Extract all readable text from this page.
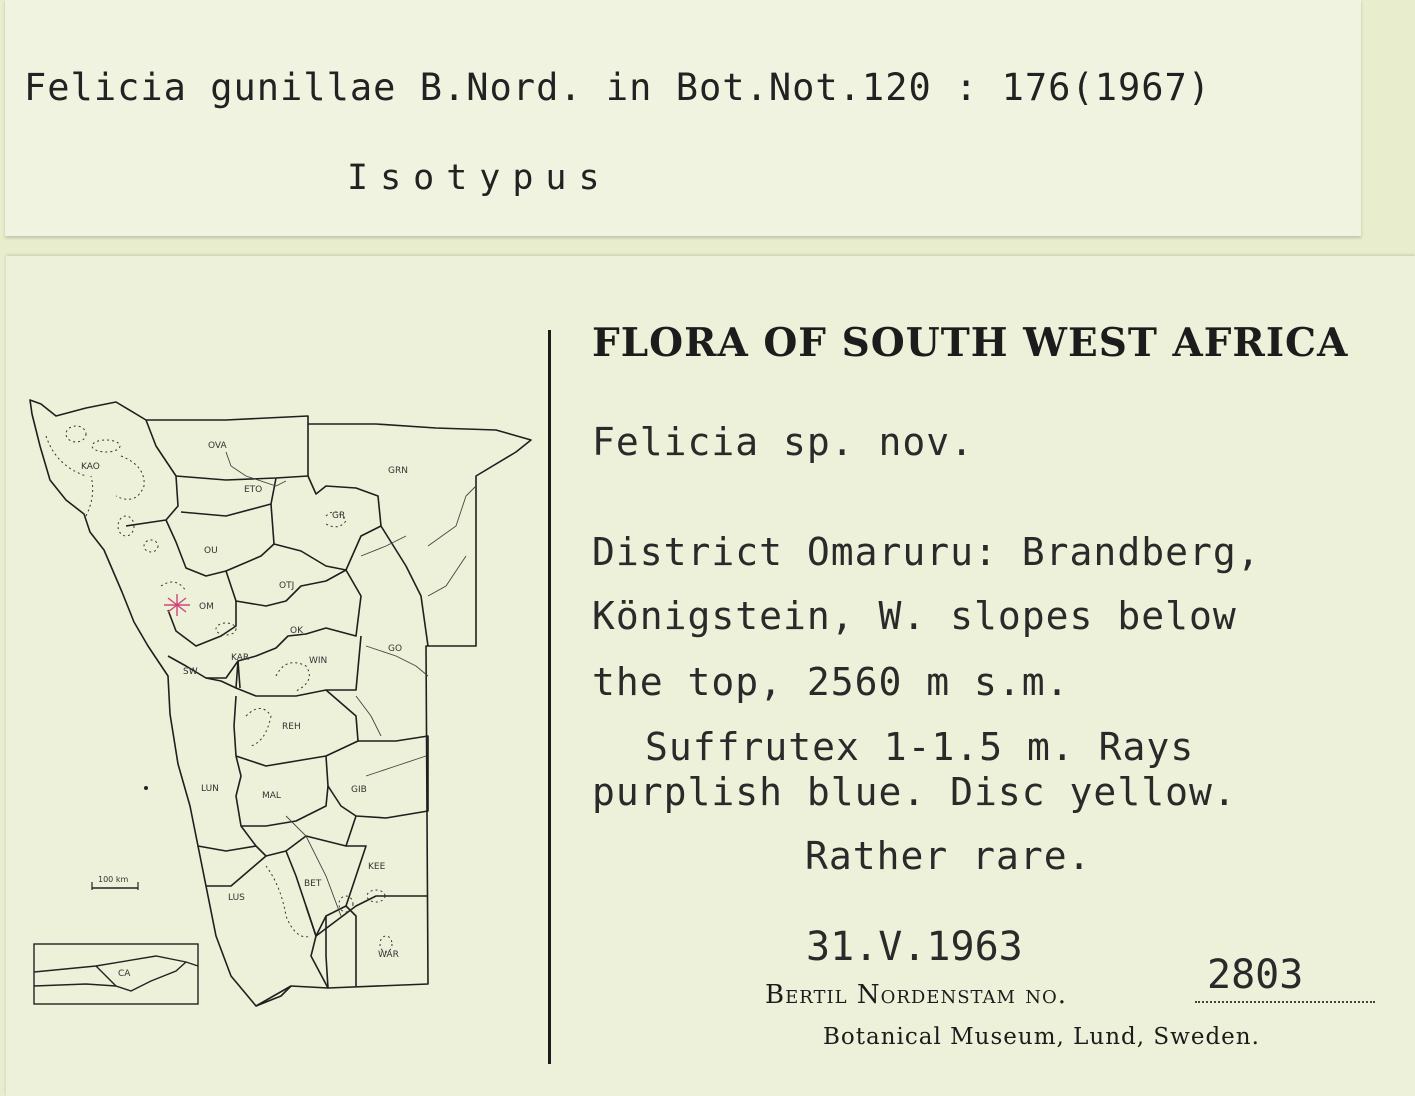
Felicia gunillae B.Nord. in Bot.Not.120 : 176(1967)
Isotypus
KAO
OVA
ETO
GRN
GR
OU
OTJ
OM
OK
GO
KAR
SW
WIN
REH
LUN
MAL
GIB
BET
KEE
LUS
WAR
100 km
CA
FLORA OF SOUTH WEST AFRICA
Felicia sp. nov.
District Omaruru: Brandberg,
Königstein, W. slopes below
the top, 2560 m s.m.
Suffrutex 1-1.5 m. Rays
purplish blue. Disc yellow.
Rather rare.
31.V.1963
Bertil Nordenstam no.	2803
Botanical Museum, Lund, Sweden.
